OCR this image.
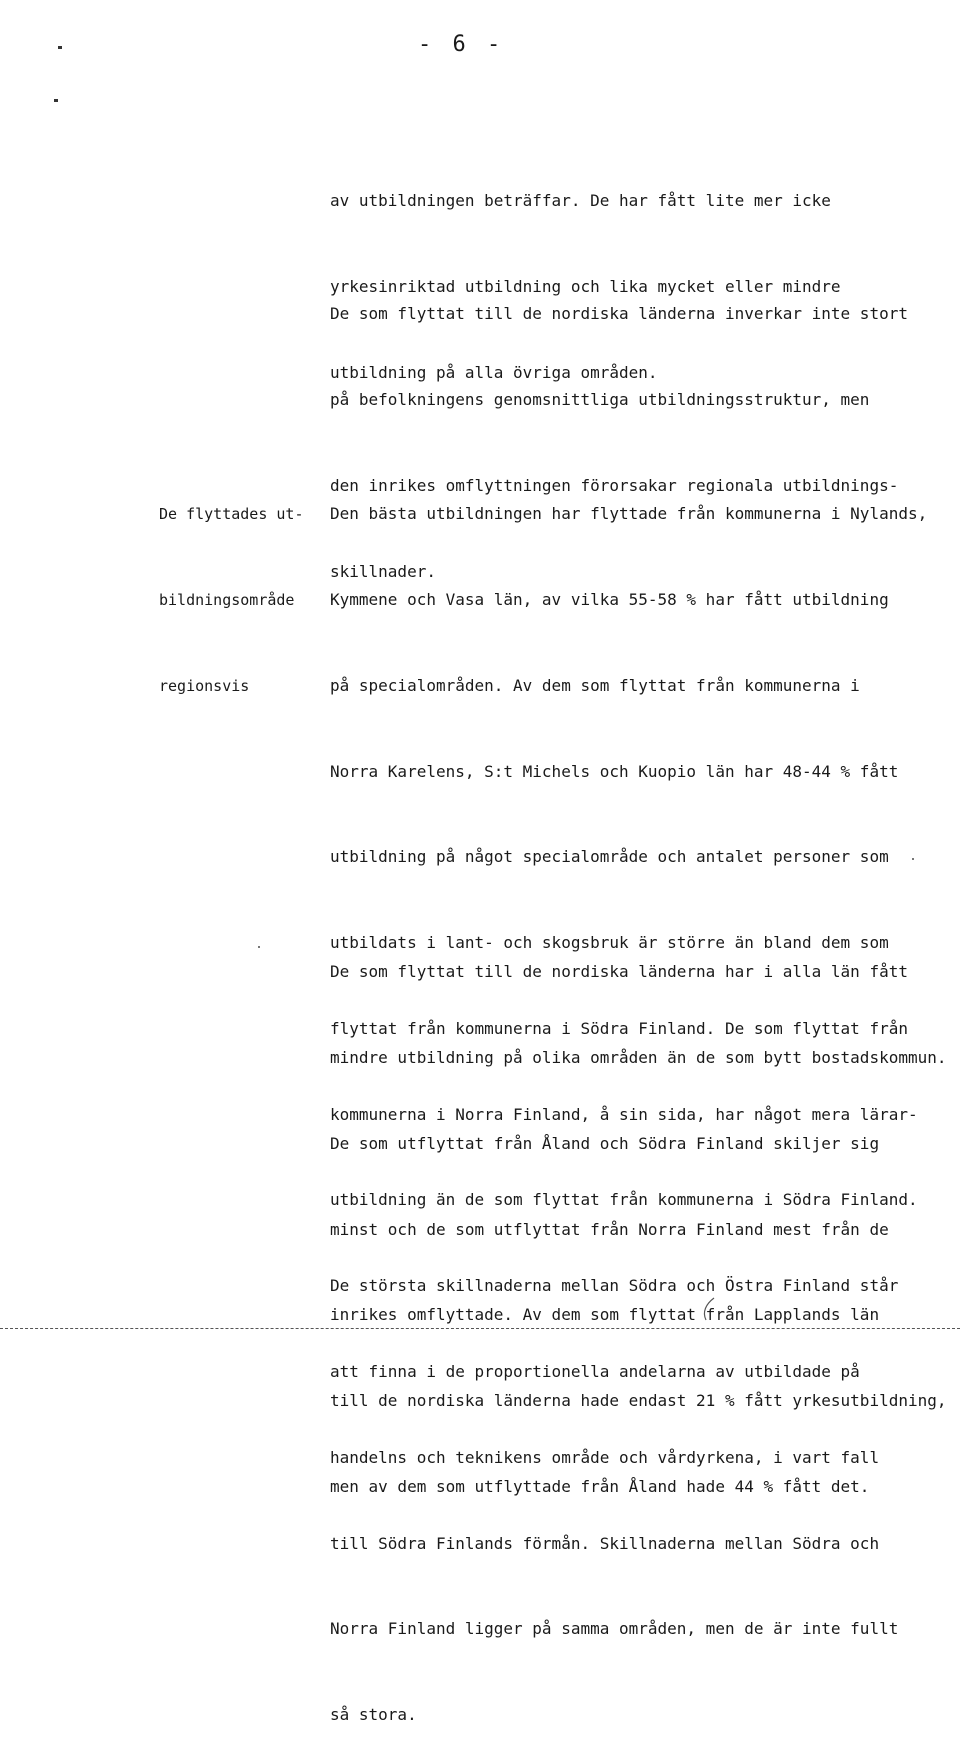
- 6 -

av utbildningen beträffar. De har fått lite mer icke

yrkesinriktad utbildning och lika mycket eller mindre

utbildning på alla övriga områden.

De som flyttat till de nordiska länderna inverkar inte stort

på befolkningens genomsnittliga utbildningsstruktur, men

den inrikes omflyttningen förorsakar regionala utbildnings-

skillnader.

De flyttades ut-

bildningsområde

regionsvis

Den bästa utbildningen har flyttade från kommunerna i Nylands,

Kymmene och Vasa län, av vilka 55-58 % har fått utbildning

på specialområden. Av dem som flyttat från kommunerna i

Norra Karelens, S:t Michels och Kuopio län har 48-44 % fått

utbildning på något specialområde och antalet personer som

utbildats i lant- och skogsbruk är större än bland dem som

flyttat från kommunerna i Södra Finland. De som flyttat från

kommunerna i Norra Finland, å sin sida, har något mera lärar-

utbildning än de som flyttat från kommunerna i Södra Finland.

De största skillnaderna mellan Södra och Östra Finland står

att finna i de proportionella andelarna av utbildade på

handelns och teknikens område och vårdyrkena, i vart fall

till Södra Finlands förmån. Skillnaderna mellan Södra och

Norra Finland ligger på samma områden, men de är inte fullt

så stora.

De som flyttat till de nordiska länderna har i alla län fått

mindre utbildning på olika områden än de som bytt bostadskommun.

De som utflyttat från Åland och Södra Finland skiljer sig

minst och de som utflyttat från Norra Finland mest från de

inrikes omflyttade. Av dem som flyttat från Lapplands län

till de nordiska länderna hade endast 21 % fått yrkesutbildning,

men av dem som utflyttade från Åland hade 44 % fått det.
